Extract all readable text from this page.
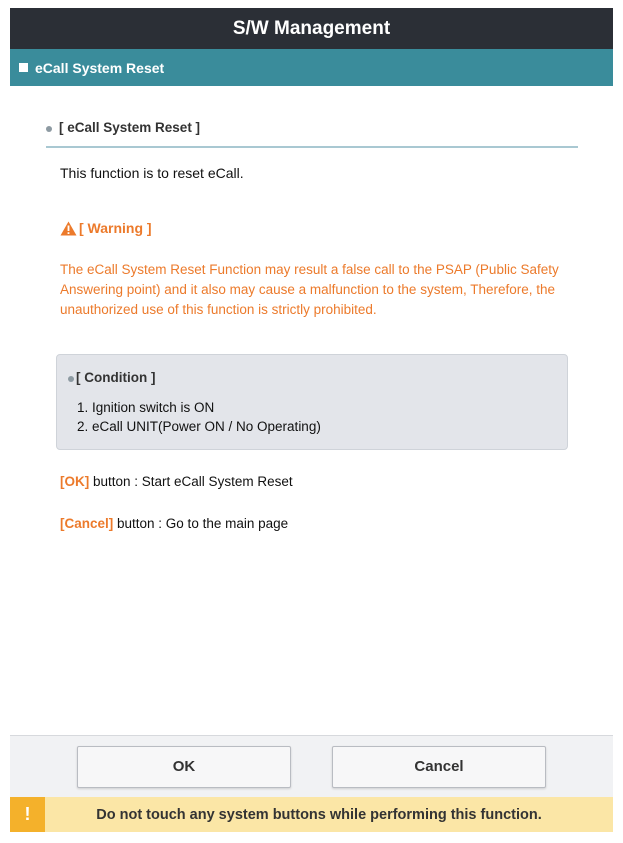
S/W Management
eCall System Reset
[ eCall System Reset ]
This function is to reset eCall.
[ Warning ]
The eCall System Reset Function may result a false call to the PSAP (Public Safety Answering point) and it also may cause a malfunction to the system, Therefore, the unauthorized use of this function is strictly prohibited.
[ Condition ]
1. Ignition switch is ON
2. eCall UNIT(Power ON / No Operating)
[OK] button : Start eCall System Reset
[Cancel] button : Go to the main page
OK	Cancel
!	Do not touch any system buttons while performing this function.
